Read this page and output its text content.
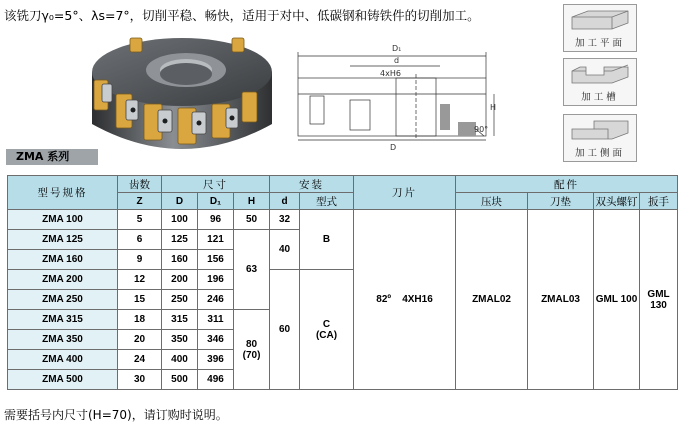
该铣刀γ₀=5°、λs=7°，切削平稳、畅快，适用于对中、低碳钢和铸铁件的切削加工。
D₁
d
4xH6
H
90°
D
加工平面
加工槽
加工侧面
ZMA 系列
型号规格	齿数	尺寸			安装		刀片	配件			
	Z	D	D₁	H	d	型式		压块	刀垫	双头螺钉	扳手
ZMA 100	5	100	96	50	32	B	82º 4XH16	ZMAL02	ZMAL03	GML 100	GML 130
ZMA 125	6	125	121	63	40						
ZMA 160	9	160	156								
ZMA 200	12	200	196		60	C
(CA)					

ZMA 250	15	250	246								
ZMA 315	18	315	311	80
(70)							

ZMA 350	20	350	346								
ZMA 400	24	400	396								
ZMA 500	30	500	496								
需要括号内尺寸(H=70)，请订购时说明。
